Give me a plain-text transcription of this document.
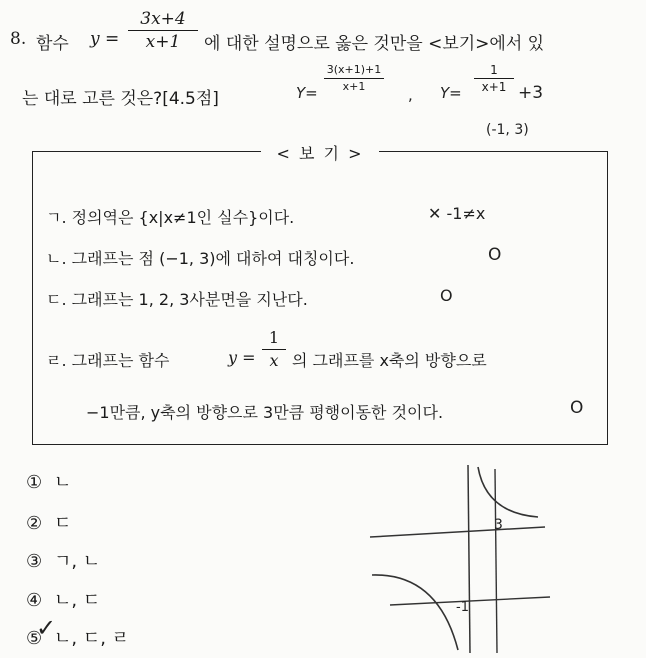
8. 함수 $y = \frac{3x+4}{x+1}$ 에 대한 설명으로 옳은 것만을 <보기>에서 있
는 대로 고른 것은?[4.5점]	$Y= \frac{3(x+1)+1}{x+1}$ , $Y= \frac{1}{x+1} +3$
(-1, 3)
< 보 기 >
ㄱ. 정의역은 {x|x≠1인 실수}이다.	✕ -1≠x
ㄴ. 그래프는 점 (−1, 3)에 대하여 대칭이다.	O
ㄷ. 그래프는 1, 2, 3사분면을 지난다.	O
ㄹ. 그래프는 함수	$y = \frac{1}{x}$ 의 그래프를 x축의 방향으로
−1만큼, y축의 방향으로 3만큼 평행이동한 것이다.	O
① ㄴ
② ㄷ
③ ㄱ, ㄴ
④ ㄴ, ㄷ
⑤ ㄴ, ㄷ, ㄹ
✓
3
-1
